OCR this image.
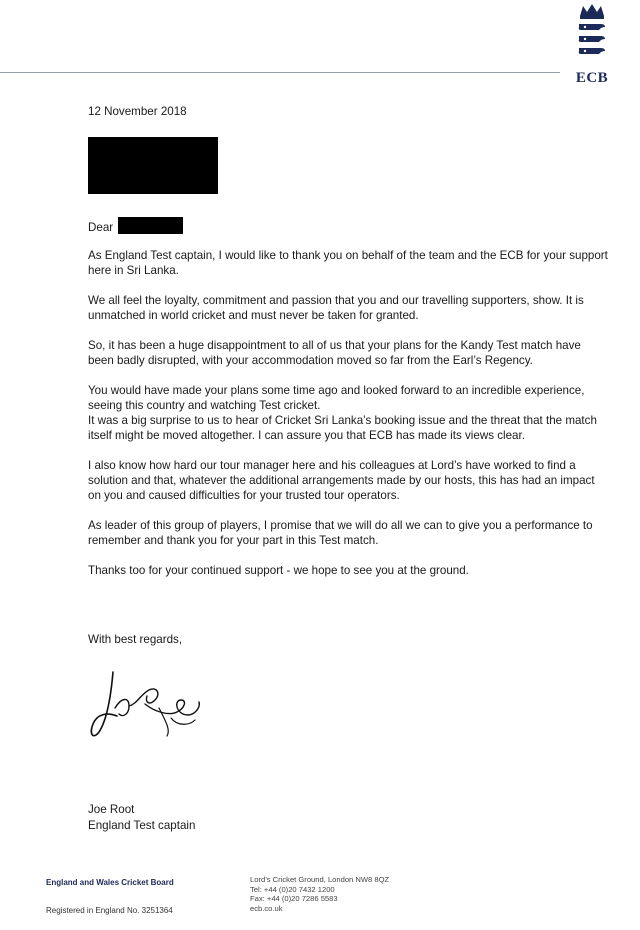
ECB

12 November 2018

Dear

As England Test captain, I would like to thank you on behalf of the team and the ECB for your support here in Sri Lanka.

We all feel the loyalty, commitment and passion that you and our travelling supporters, show. It is unmatched in world cricket and must never be taken for granted.

So, it has been a huge disappointment to all of us that your plans for the Kandy Test match have been badly disrupted, with your accommodation moved so far from the Earl’s Regency.

You would have made your plans some time ago and looked forward to an incredible experience, seeing this country and watching Test cricket.

It was a big surprise to us to hear of Cricket Sri Lanka’s booking issue and the threat that the match itself might be moved altogether. I can assure you that ECB has made its views clear.

I also know how hard our tour manager here and his colleagues at Lord’s have worked to find a solution and that, whatever the additional arrangements made by our hosts, this has had an impact on you and caused difficulties for your trusted tour operators.

As leader of this group of players, I promise that we will do all we can to give you a performance to remember and thank you for your part in this Test match.

Thanks too for your continued support - we hope to see you at the ground.

With best regards,

Joe Root
England Test captain
England and Wales Cricket Board
Registered in England No. 3251364
Lord’s Cricket Ground, London NW8 8QZ
Tel: +44 (0)20 7432 1200
Fax: +44 (0)20 7286 5583
ecb.co.uk
